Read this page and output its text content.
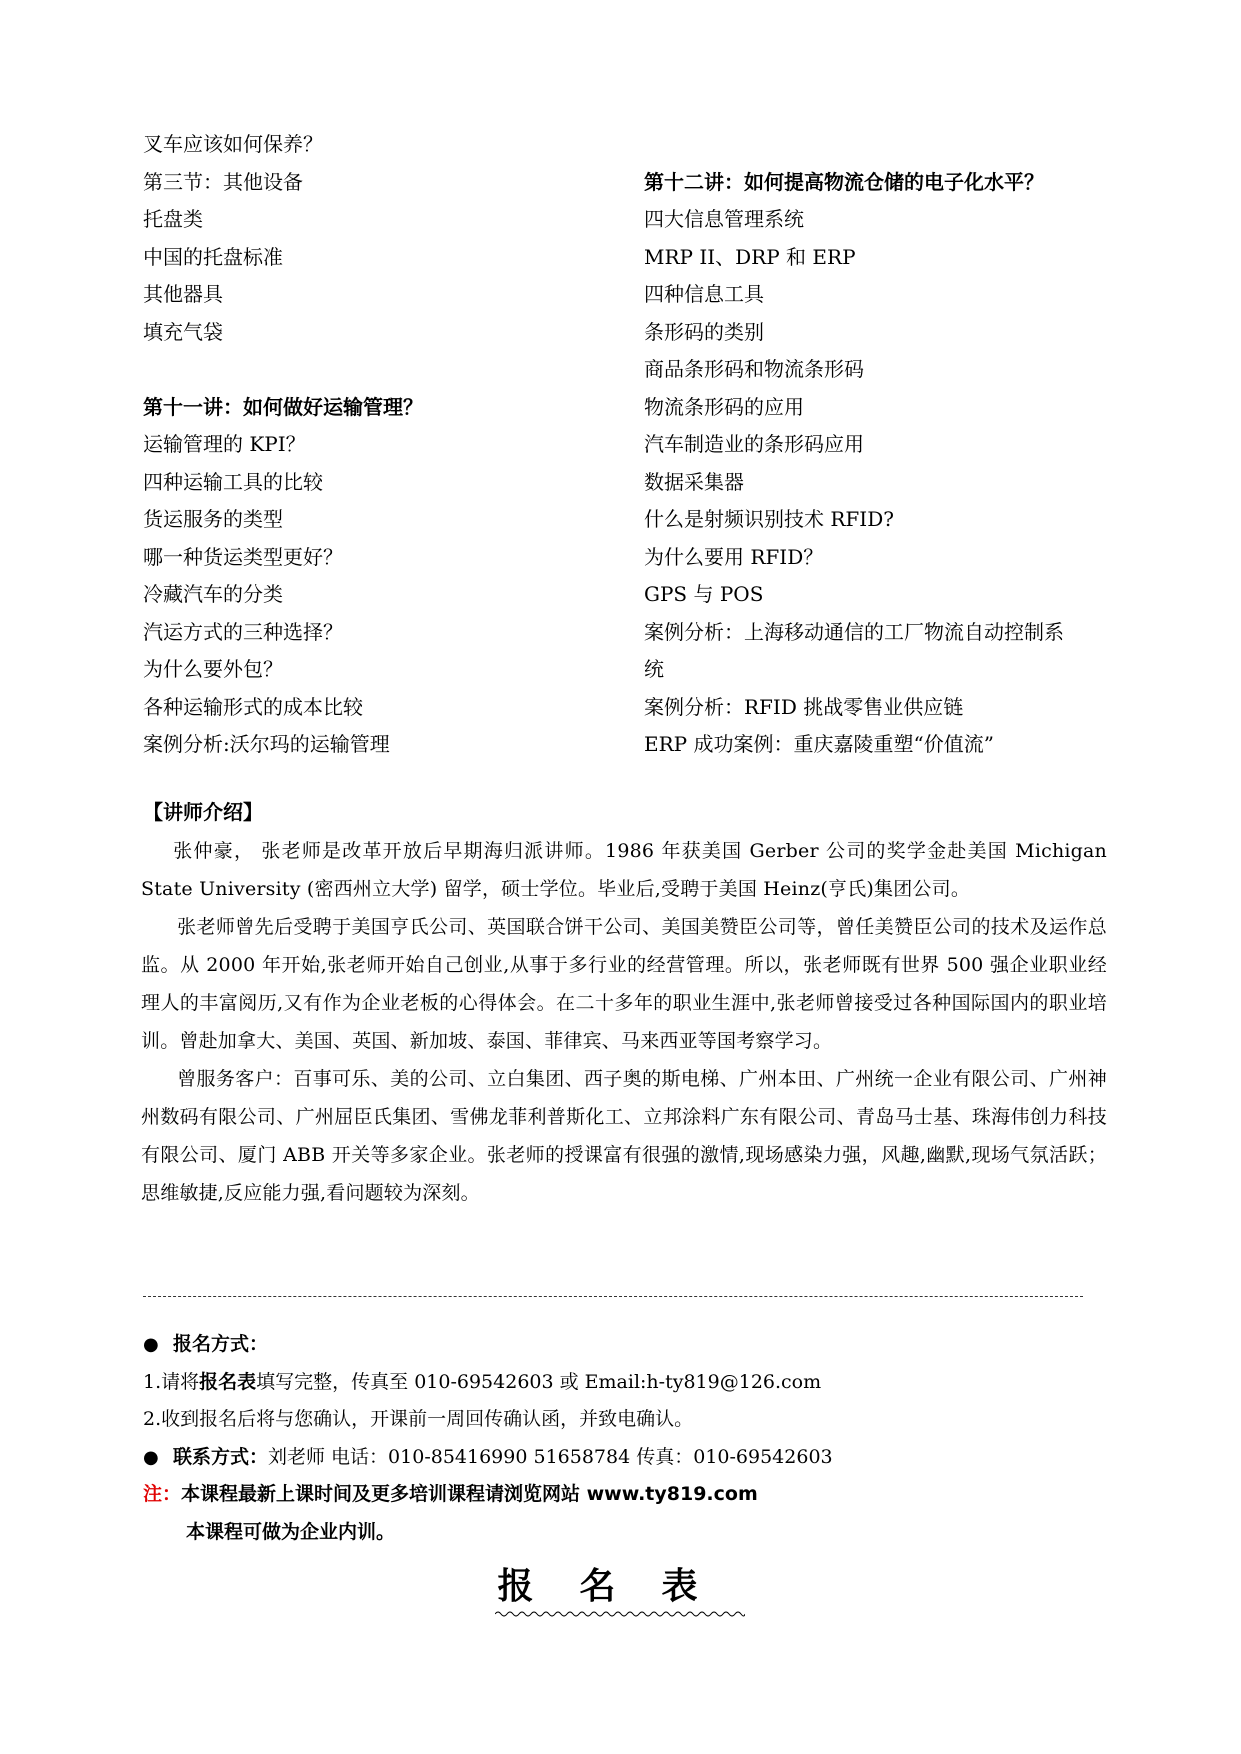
叉车应该如何保养？
第三节：其他设备
托盘类
中国的托盘标准
其他器具
填充气袋
第十一讲：如何做好运输管理？
运输管理的 KPI？
四种运输工具的比较
货运服务的类型
哪一种货运类型更好？
冷藏汽车的分类
汽运方式的三种选择？
为什么要外包？
各种运输形式的成本比较
案例分析:沃尔玛的运输管理
第十二讲：如何提高物流仓储的电子化水平？
四大信息管理系统
MRP II、DRP 和 ERP
四种信息工具
条形码的类别
商品条形码和物流条形码
物流条形码的应用
汽车制造业的条形码应用
数据采集器
什么是射频识别技术 RFID?
为什么要用 RFID？
GPS 与 POS
案例分析：上海移动通信的工厂物流自动控制系
统
案例分析：RFID 挑战零售业供应链
ERP 成功案例：重庆嘉陵重塑“价值流”
【讲师介绍】

张仲豪， 张老师是改革开放后早期海归派讲师。1986 年获美国 Gerber 公司的奖学金赴美国 Michigan State University (密西州立大学) 留学，硕士学位。毕业后,受聘于美国 Heinz(亨氏)集团公司。

张老师曾先后受聘于美国亨氏公司、英国联合饼干公司、美国美赞臣公司等，曾任美赞臣公司的技术及运作总监。从 2000 年开始,张老师开始自己创业,从事于多行业的经营管理。所以，张老师既有世界 500 强企业职业经理人的丰富阅历,又有作为企业老板的心得体会。在二十多年的职业生涯中,张老师曾接受过各种国际国内的职业培训。曾赴加拿大、美国、英国、新加坡、泰国、菲律宾、马来西亚等国考察学习。

曾服务客户：百事可乐、美的公司、立白集团、西子奥的斯电梯、广州本田、广州统一企业有限公司、广州神州数码有限公司、广州屈臣氏集团、雪佛龙菲利普斯化工、立邦涂料广东有限公司、青岛马士基、珠海伟创力科技有限公司、厦门 ABB 开关等多家企业。张老师的授课富有很强的激情,现场感染力强，风趣,幽默,现场气氛活跃；思维敏捷,反应能力强,看问题较为深刻。

● 报名方式：
1.请将报名表填写完整，传真至 010-69542603 或 Email:h-ty819@126.com
2.收到报名后将与您确认，开课前一周回传确认函，并致电确认。
● 联系方式：刘老师 电话：010-85416990 51658784 传真：010-69542603
注：本课程最新上课时间及更多培训课程请浏览网站 www.ty819.com
本课程可做为企业内训。
报名表
